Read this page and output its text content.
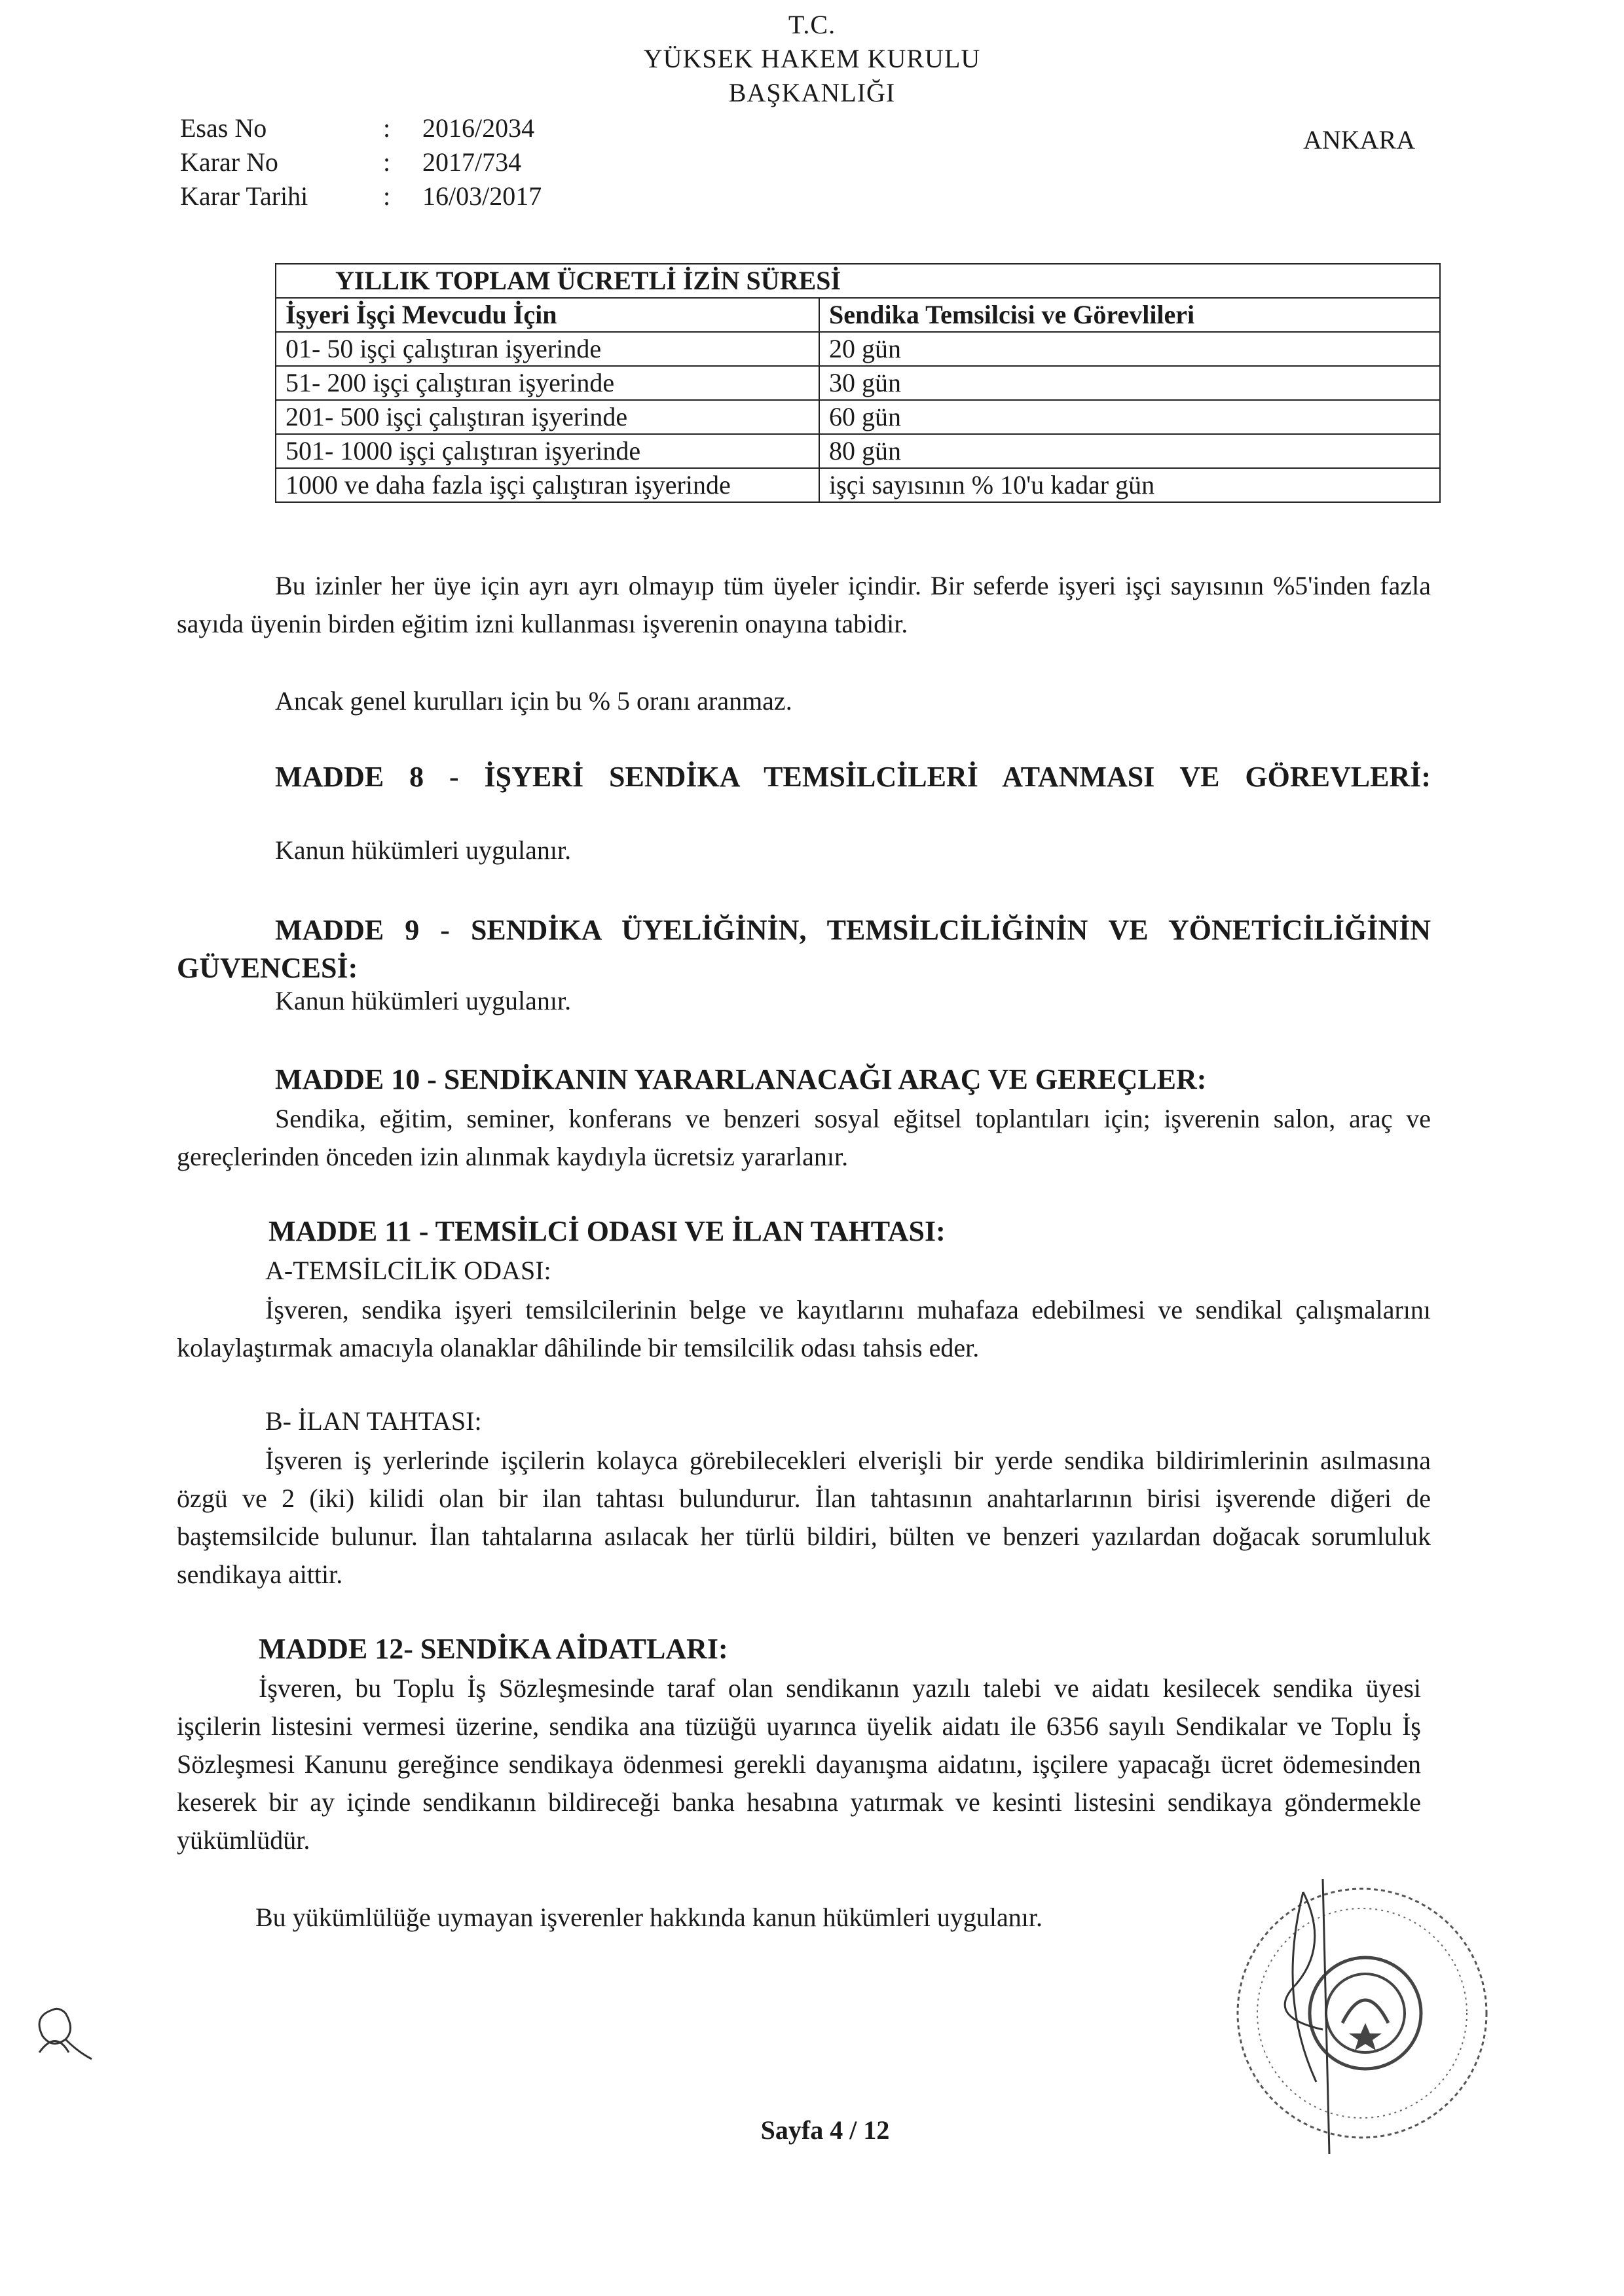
T.C.
YÜKSEK HAKEM KURULU
BAŞKANLIĞI
ANKARA
Esas No	:	2016/2034
Karar No	:	2017/734
Karar Tarihi	:	16/03/2017
YILLIK TOPLAM ÜCRETLİ İZİN SÜRESİ	
İşyeri İşçi Mevcudu İçin	Sendika Temsilcisi ve Görevlileri
01- 50 işçi çalıştıran işyerinde	20 gün
51- 200 işçi çalıştıran işyerinde	30 gün
201- 500 işçi çalıştıran işyerinde	60 gün
501- 1000 işçi çalıştıran işyerinde	80 gün
1000 ve daha fazla işçi çalıştıran işyerinde	işçi sayısının % 10'u kadar gün
Bu izinler her üye için ayrı ayrı olmayıp tüm üyeler içindir. Bir seferde işyeri işçi sayısının %5'inden fazla sayıda üyenin birden eğitim izni kullanması işverenin onayına tabidir.
Ancak genel kurulları için bu % 5 oranı aranmaz.
MADDE 8 - İŞYERİ SENDİKA TEMSİLCİLERİ ATANMASI VE GÖREVLERİ:
Kanun hükümleri uygulanır.
MADDE 9 - SENDİKA ÜYELİĞİNİN, TEMSİLCİLİĞİNİN VE YÖNETİCİLİĞİNİN GÜVENCESİ:
Kanun hükümleri uygulanır.
MADDE 10 - SENDİKANIN YARARLANACAĞI ARAÇ VE GEREÇLER:
Sendika, eğitim, seminer, konferans ve benzeri sosyal eğitsel toplantıları için; işverenin salon, araç ve gereçlerinden önceden izin alınmak kaydıyla ücretsiz yararlanır.
MADDE 11 - TEMSİLCİ ODASI VE İLAN TAHTASI:
A-TEMSİLCİLİK ODASI:
İşveren, sendika işyeri temsilcilerinin belge ve kayıtlarını muhafaza edebilmesi ve sendikal çalışmalarını kolaylaştırmak amacıyla olanaklar dâhilinde bir temsilcilik odası tahsis eder.
B- İLAN TAHTASI:
İşveren iş yerlerinde işçilerin kolayca görebilecekleri elverişli bir yerde sendika bildirimlerinin asılmasına özgü ve 2 (iki) kilidi olan bir ilan tahtası bulundurur. İlan tahtasının anahtarlarının birisi işverende diğeri de baştemsilcide bulunur. İlan tahtalarına asılacak her türlü bildiri, bülten ve benzeri yazılardan doğacak sorumluluk sendikaya aittir.
MADDE 12- SENDİKA AİDATLARI:
İşveren, bu Toplu İş Sözleşmesinde taraf olan sendikanın yazılı talebi ve aidatı kesilecek sendika üyesi işçilerin listesini vermesi üzerine, sendika ana tüzüğü uyarınca üyelik aidatı ile 6356 sayılı Sendikalar ve Toplu İş Sözleşmesi Kanunu gereğince sendikaya ödenmesi gerekli dayanışma aidatını, işçilere yapacağı ücret ödemesinden keserek bir ay içinde sendikanın bildireceği banka hesabına yatırmak ve kesinti listesini sendikaya göndermekle yükümlüdür.
Bu yükümlülüğe uymayan işverenler hakkında kanun hükümleri uygulanır.
Sayfa 4 / 12
